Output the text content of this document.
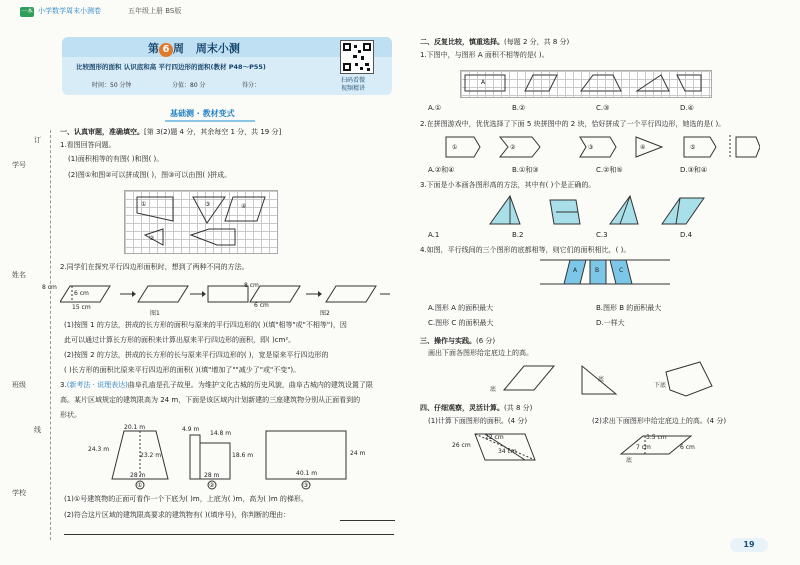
一本 小学数学周末小测卷	五年级上册 BS版
学号
姓名
班级
学校
订
线
第 6 周 周末小测
比较图形的面积 认识底和高 平行四边形的面积(教材 P48～P55)
时间：50 分钟	分值：80 分	得分：
扫码看微
视频精讲
基础测 · 教材变式
一、认真审题，准确填空。[第 3(2)题 4 分，其余每空 1 分，共 19 分]
1.看图回答问题。
(1)面积相等的有图( )和图( )。
(2)图①和图②可以拼成图( )，图③可以由图( )拼成。
①
②
③	④
2.同学们在探究平行四边形面积时，想到了两种不同的方法。
8 cm
6 cm
15 cm
8 cm
6 cm
图1	图2
(1)按图 1 的方法，拼成的长方形的面积与原来的平行四边形的( )(填"相等"或"不相等")，因
此可以通过计算长方形的面积来计算出原来平行四边形的面积，即( )cm²。
(2)按图 2 的方法，拼成的长方形的长与原来平行四边形的( )，宽是原来平行四边形的
( )长方形的面积比原来平行四边形的面积( )(填"增加了""减少了"或"不变")。
3.(新考法 · 说理表达)曲阜孔庙是孔子故里。为维护文化古城的历史风貌，曲阜古城内的建筑设置了限
高。某片区域规定的建筑限高为 24 m，下面是该区域内计划新建的三座建筑物分别从正面看到的
形状。
20.1 m
24.3 m
23.2 m
28 m
4.9 m
14.8 m
18.6 m
28 m
24 m
40.1 m
①	②	③
(1)①号建筑物的正面可看作一个下底为( )m，上底为( )m，高为( )m 的梯形。
(2)符合这片区域的建筑限高要求的建筑物有( )(填序号)，你判断的理由：
二、反复比较，慎重选择。(每题 2 分，共 8 分)
1.下图中，与图形 A 面积不相等的是( )。
A
A.①	B.②	C.③	D.④
2.在拼图游戏中，优优选择了下面 5 块拼图中的 2 块，恰好拼成了一个平行四边形，她选的是( )。
①	②	③	④	⑤
A.②和④	B.①和③	C.②和⑤	D.③和④
3.下面是小本画各图形高的方法，其中有( )个是正确的。
A.1	B.2	C.3	D.4
4.如图，平行线间的三个图形的底都相等，则它们的面积相比，( )。
A	B	C
A.图形 A 的面积最大	B.图形 B 的面积最大
C.图形 C 的面积最大	D.一样大
三、操作与实践。(6 分)
画出下面各图形给定底边上的高。
底
底
下底
四、仔细观察，灵活计算。(共 8 分)
(1)计算下面图形的面积。(4 分)	(2)求出下面图形中给定底边上的高。(4 分)
22 cm
26 cm
34 cm
3.5 cm
6 cm
7 cm
底
19
